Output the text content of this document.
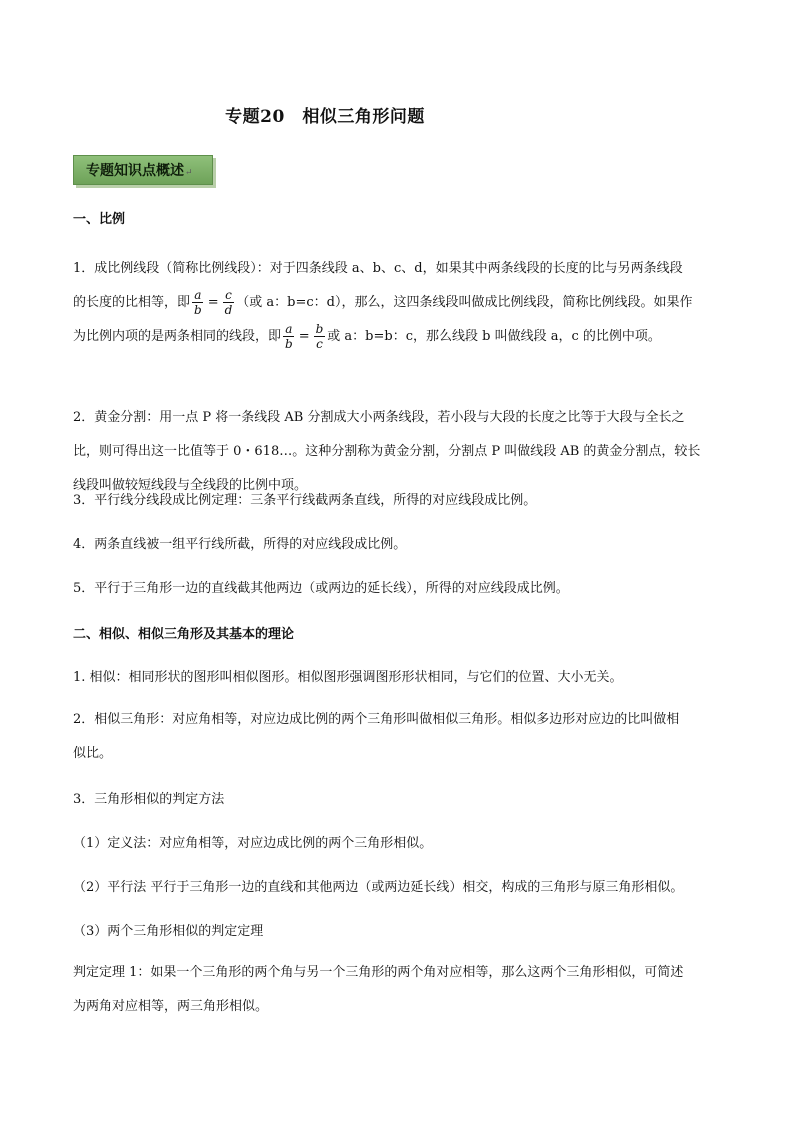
专题20　相似三角形问题
专题知识点概述↵
一、比例
1．成比例线段（简称比例线段）：对于四条线段 a、b、c、d，如果其中两条线段的长度的比与另两条线段
的长度的比相等，即 $\frac{a}{b} = \frac{c}{d}$ （或 a：b=c：d），那么，这四条线段叫做成比例线段，简称比例线段。如果作
为比例内项的是两条相同的线段，即 $\frac{a}{b} = \frac{b}{c}$ 或 a：b=b：c，那么线段 b 叫做线段 a，c 的比例中项。
2．黄金分割：用一点 P 将一条线段 AB 分割成大小两条线段，若小段与大段的长度之比等于大段与全长之
比，则可得出这一比值等于 0・618…。这种分割称为黄金分割，分割点 P 叫做线段 AB 的黄金分割点，较长
线段叫做较短线段与全线段的比例中项。
3．平行线分线段成比例定理：三条平行线截两条直线，所得的对应线段成比例。
4．两条直线被一组平行线所截，所得的对应线段成比例。
5．平行于三角形一边的直线截其他两边（或两边的延长线），所得的对应线段成比例。
二、相似、相似三角形及其基本的理论
1. 相似：相同形状的图形叫相似图形。相似图形强调图形形状相同，与它们的位置、大小无关。
2．相似三角形：对应角相等，对应边成比例的两个三角形叫做相似三角形。相似多边形对应边的比叫做相
似比。
3．三角形相似的判定方法
（1）定义法：对应角相等，对应边成比例的两个三角形相似。
（2）平行法 平行于三角形一边的直线和其他两边（或两边延长线）相交，构成的三角形与原三角形相似。
（3）两个三角形相似的判定定理
判定定理 1：如果一个三角形的两个角与另一个三角形的两个角对应相等，那么这两个三角形相似，可简述
为两角对应相等，两三角形相似。
